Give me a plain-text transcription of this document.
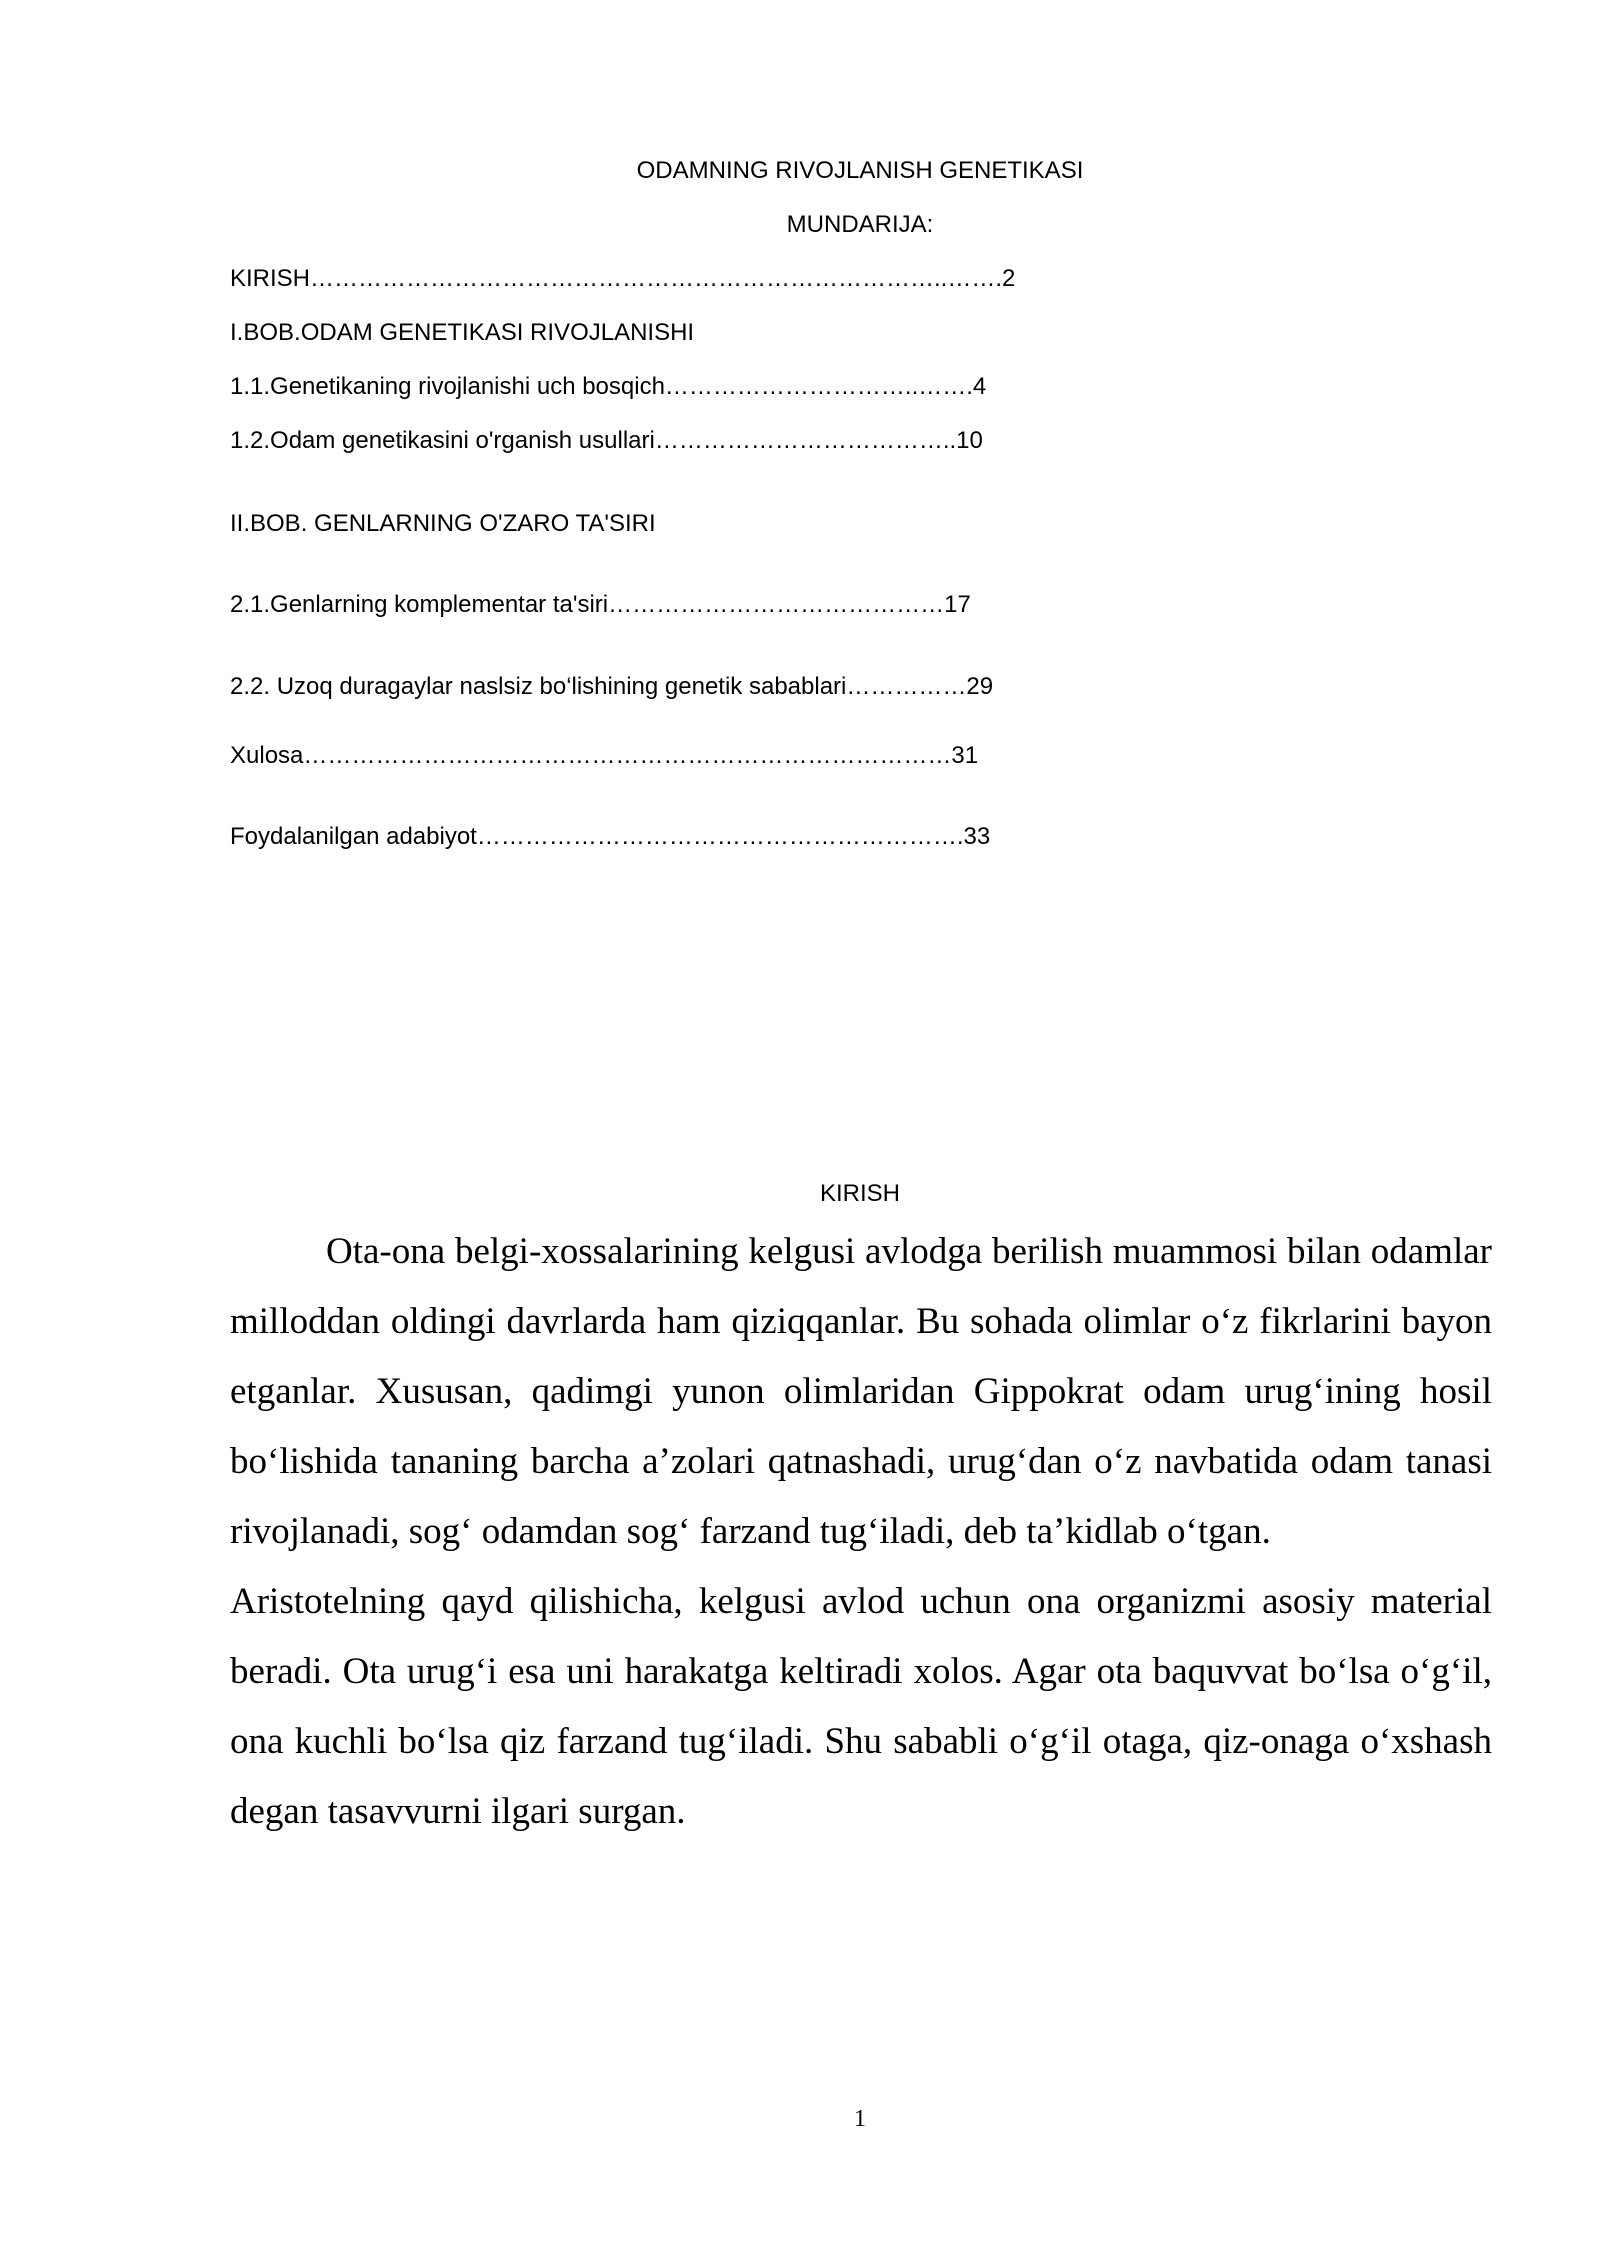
ODAMNING RIVOJLANISH GENETIKASI
MUNDARIJA:
KIRISH……………………………………………………………………..…….2
I.BOB.ODAM GENETIKASI RIVOJLANISHI
1.1.Genetikaning rivojlanishi uch bosqich…………………………..…….4
1.2.Odam genetikasini o'rganish usullari………………………………..10
II.BOB. GENLARNING O'ZARO TA'SIRI
2.1.Genlarning komplementar ta'siri……………………………………17
2.2. Uzoq duragaylar naslsiz bo‘lishining genetik sabablari……………29
Xulosa………………………………………………………………………31
Foydalanilgan adabiyot…………………………………………………….33
KIRISH

Ota-ona belgi-xossalarining kelgusi avlodga berilish muammosi bilan odamlar milloddan oldingi davrlarda ham qiziqqanlar. Bu sohada olimlar o‘z fikrlarini bayon etganlar. Xususan, qadimgi yunon olimlaridan Gippokrat odam urug‘ining hosil bo‘lishida tananing barcha a’zolari qatnashadi, urug‘dan o‘z navbatida odam tanasi rivojlanadi, sog‘ odamdan sog‘ farzand tug‘iladi, deb ta’kidlab o‘tgan.

Aristotelning qayd qilishicha, kelgusi avlod uchun ona organizmi asosiy material beradi. Ota urug‘i esa uni harakatga keltiradi xolos. Agar ota baquvvat bo‘lsa o‘g‘il, ona kuchli bo‘lsa qiz farzand tug‘iladi. Shu sababli o‘g‘il otaga, qiz-onaga o‘xshash degan tasavvurni ilgari surgan.

1
